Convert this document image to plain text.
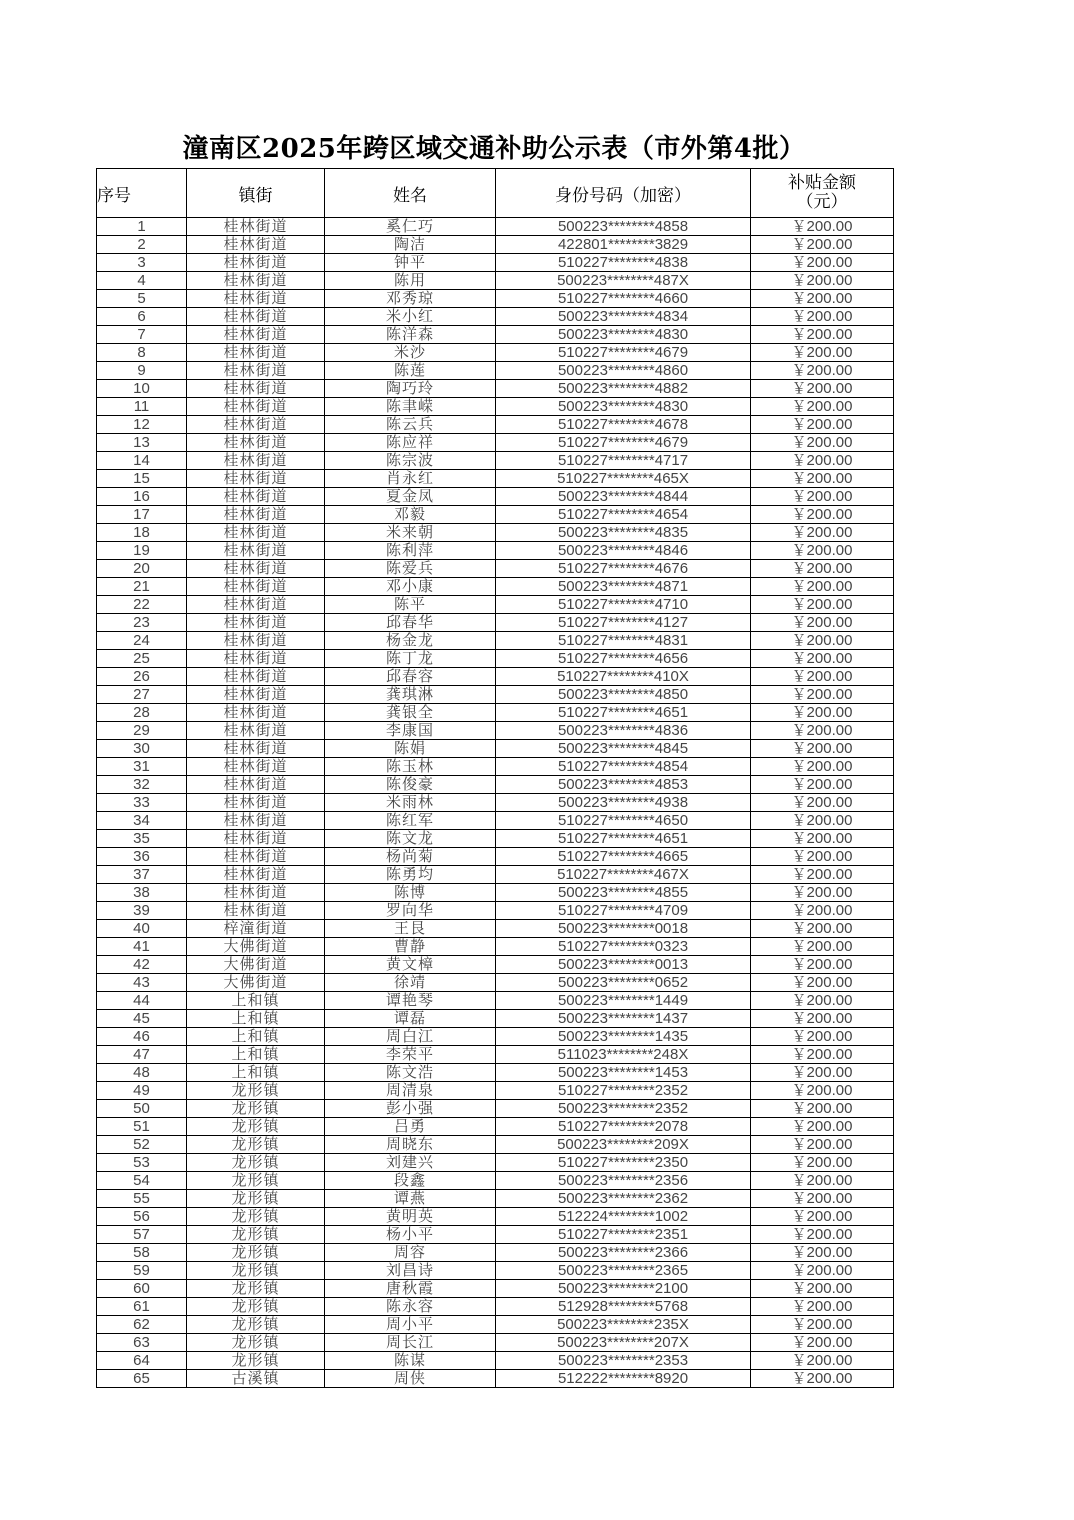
潼南区2025年跨区域交通补助公示表（市外第4批）
序号	镇街	姓名	身份号码（加密）	补贴金额
（元）

1	桂林街道	奚仁巧	500223********4858	￥200.00
2	桂林街道	陶洁	422801********3829	￥200.00
3	桂林街道	钟平	510227********4838	￥200.00
4	桂林街道	陈用	500223********487X	￥200.00
5	桂林街道	邓秀琼	510227********4660	￥200.00
6	桂林街道	米小红	500223********4834	￥200.00
7	桂林街道	陈洋森	500223********4830	￥200.00
8	桂林街道	米沙	510227********4679	￥200.00
9	桂林街道	陈莲	500223********4860	￥200.00
10	桂林街道	陶巧玲	500223********4882	￥200.00
11	桂林街道	陈聿嵘	500223********4830	￥200.00
12	桂林街道	陈云兵	510227********4678	￥200.00
13	桂林街道	陈应祥	510227********4679	￥200.00
14	桂林街道	陈宗波	510227********4717	￥200.00
15	桂林街道	肖永红	510227********465X	￥200.00
16	桂林街道	夏金凤	500223********4844	￥200.00
17	桂林街道	邓毅	510227********4654	￥200.00
18	桂林街道	米来朝	500223********4835	￥200.00
19	桂林街道	陈利萍	500223********4846	￥200.00
20	桂林街道	陈爱兵	510227********4676	￥200.00
21	桂林街道	邓小康	500223********4871	￥200.00
22	桂林街道	陈平	510227********4710	￥200.00
23	桂林街道	邱春华	510227********4127	￥200.00
24	桂林街道	杨金龙	510227********4831	￥200.00
25	桂林街道	陈丁龙	510227********4656	￥200.00
26	桂林街道	邱春容	510227********410X	￥200.00
27	桂林街道	龚琪淋	500223********4850	￥200.00
28	桂林街道	龚银全	510227********4651	￥200.00
29	桂林街道	李康国	500223********4836	￥200.00
30	桂林街道	陈娟	500223********4845	￥200.00
31	桂林街道	陈玉林	510227********4854	￥200.00
32	桂林街道	陈俊豪	500223********4853	￥200.00
33	桂林街道	米雨林	500223********4938	￥200.00
34	桂林街道	陈红军	510227********4650	￥200.00
35	桂林街道	陈文龙	510227********4651	￥200.00
36	桂林街道	杨尚菊	510227********4665	￥200.00
37	桂林街道	陈勇均	510227********467X	￥200.00
38	桂林街道	陈博	500223********4855	￥200.00
39	桂林街道	罗向华	510227********4709	￥200.00
40	梓潼街道	王艮	500223********0018	￥200.00
41	大佛街道	曹静	510227********0323	￥200.00
42	大佛街道	黄文樟	500223********0013	￥200.00
43	大佛街道	徐靖	500223********0652	￥200.00
44	上和镇	谭艳琴	500223********1449	￥200.00
45	上和镇	谭磊	500223********1437	￥200.00
46	上和镇	周白江	500223********1435	￥200.00
47	上和镇	李荣平	511023********248X	￥200.00
48	上和镇	陈文浩	500223********1453	￥200.00
49	龙形镇	周清泉	510227********2352	￥200.00
50	龙形镇	彭小强	500223********2352	￥200.00
51	龙形镇	吕勇	510227********2078	￥200.00
52	龙形镇	周晓东	500223********209X	￥200.00
53	龙形镇	刘建兴	510227********2350	￥200.00
54	龙形镇	段鑫	500223********2356	￥200.00
55	龙形镇	谭燕	500223********2362	￥200.00
56	龙形镇	黄明英	512224********1002	￥200.00
57	龙形镇	杨小平	510227********2351	￥200.00
58	龙形镇	周容	500223********2366	￥200.00
59	龙形镇	刘昌诗	500223********2365	￥200.00
60	龙形镇	唐秋霞	500223********2100	￥200.00
61	龙形镇	陈永容	512928********5768	￥200.00
62	龙形镇	周小平	500223********235X	￥200.00
63	龙形镇	周长江	500223********207X	￥200.00
64	龙形镇	陈谋	500223********2353	￥200.00
65	古溪镇	周侠	512222********8920	￥200.00
